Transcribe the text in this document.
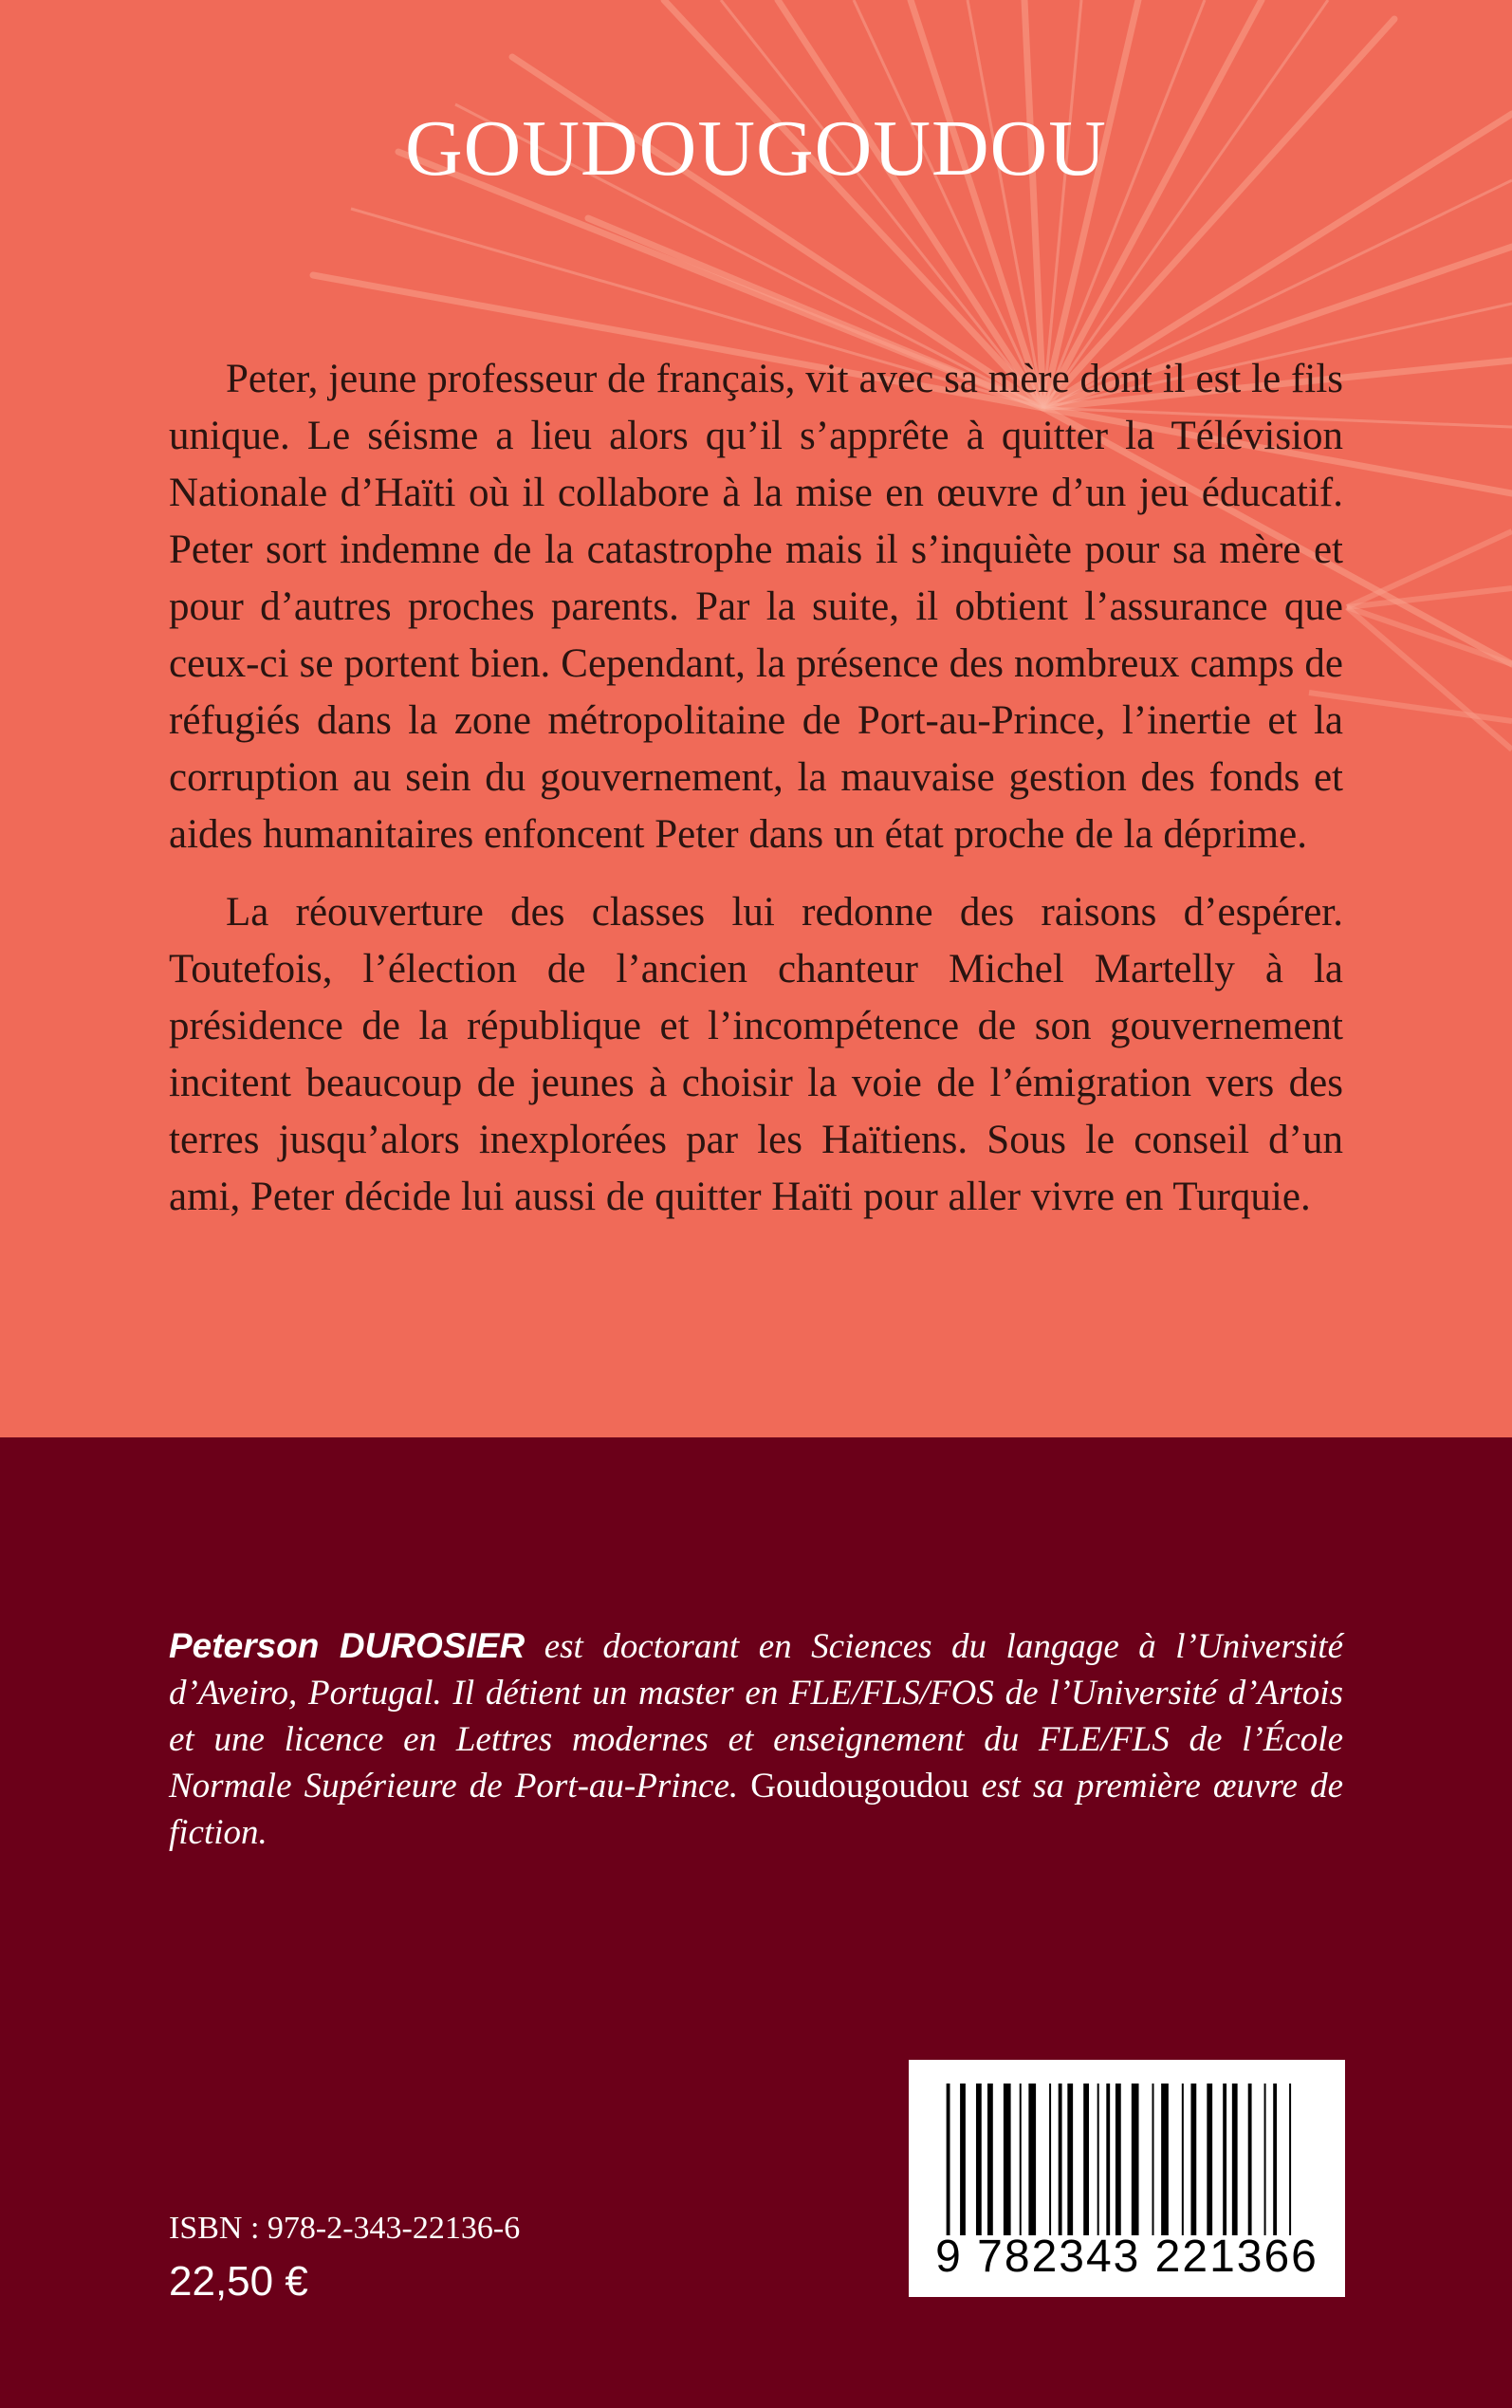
GOUDOUGOUDOU

Peter, jeune professeur de français, vit avec sa mère dont il est le fils unique. Le séisme a lieu alors qu’il s’apprête à quitter la Télévision Nationale d’Haïti où il collabore à la mise en œuvre d’un jeu éducatif. Peter sort indemne de la catastrophe mais il s’inquiète pour sa mère et pour d’autres proches parents. Par la suite, il obtient l’assurance que ceux-ci se portent bien. Cependant, la présence des nombreux camps de réfugiés dans la zone métropolitaine de Port-au-Prince, l’inertie et la corruption au sein du gouvernement, la mauvaise gestion des fonds et aides humanitaires enfoncent Peter dans un état proche de la déprime.

La réouverture des classes lui redonne des raisons d’espérer. Toutefois, l’élection de l’ancien chanteur Michel Martelly à la présidence de la république et l’incompétence de son gouvernement incitent beaucoup de jeunes à choisir la voie de l’émigration vers des terres jusqu’alors inexplorées par les Haïtiens. Sous le conseil d’un ami, Peter décide lui aussi de quitter Haïti pour aller vivre en Turquie.

Peterson DUROSIER est doctorant en Sciences du langage à l’Université d’Aveiro, Portugal. Il détient un master en FLE/FLS/FOS de l’Université d’Artois et une licence en Lettres modernes et enseignement du FLE/FLS de l’École Normale Supérieure de Port-au-Prince. Goudougoudou est sa première œuvre de fiction.
ISBN : 978-2-343-22136-6
22,50 €	9 782343 221366
